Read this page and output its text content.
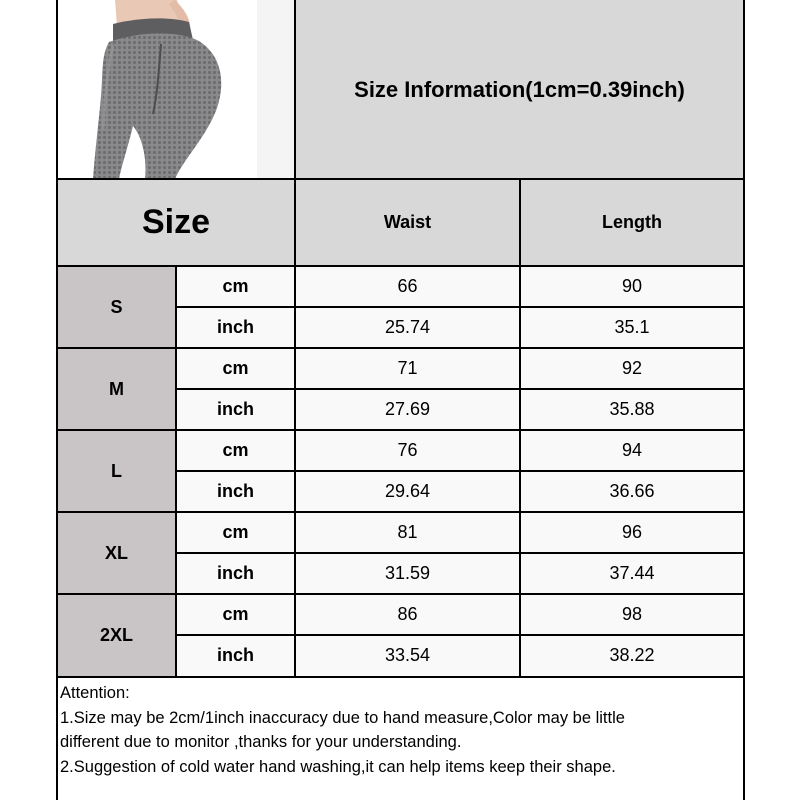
Size Information(1cm=0.39inch)
Size	Waist	Length
S
cm	66	90
inch	25.74	35.1
M
cm	71	92
inch	27.69	35.88
L
cm	76	94
inch	29.64	36.66
XL
cm	81	96
inch	31.59	37.44
2XL
cm	86	98
inch	33.54	38.22
Attention:
1.Size may be 2cm/1inch inaccuracy due to hand measure,Color may be little
different due to monitor ,thanks for your understanding.
2.Suggestion of cold water hand washing,it can help items keep their shape.
